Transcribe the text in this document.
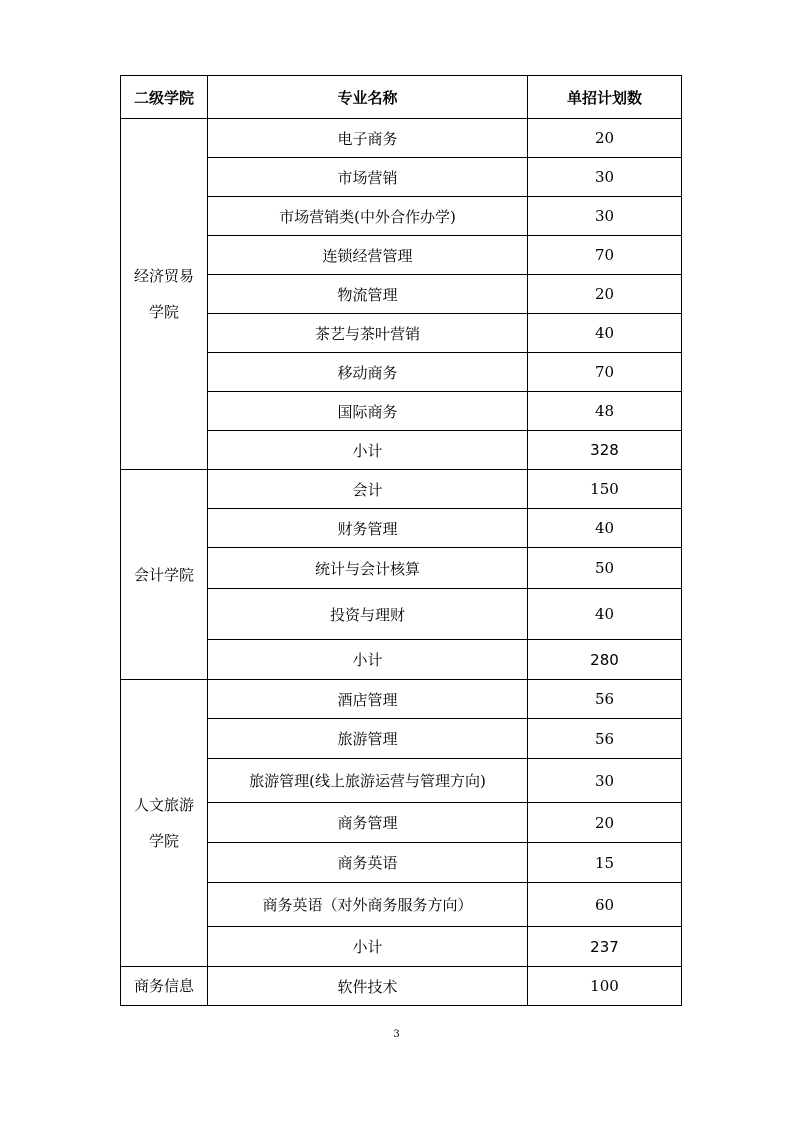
二级学院	专业名称	单招计划数

经济贸易
学院	电子商务	20
	市场营销	30
	市场营销类(中外合作办学)	30
	连锁经营管理	70
	物流管理	20
	茶艺与茶叶营销	40
	移动商务	70
	国际商务	48
	小计	328

会计学院	会计	150
	财务管理	40
	统计与会计核算	50
	投资与理财	40
	小计	280

人文旅游
学院	酒店管理	56
	旅游管理	56
	旅游管理(线上旅游运营与管理方向)	30
	商务管理	20
	商务英语	15
	商务英语（对外商务服务方向）	60
	小计	237

商务信息	软件技术	100
3
